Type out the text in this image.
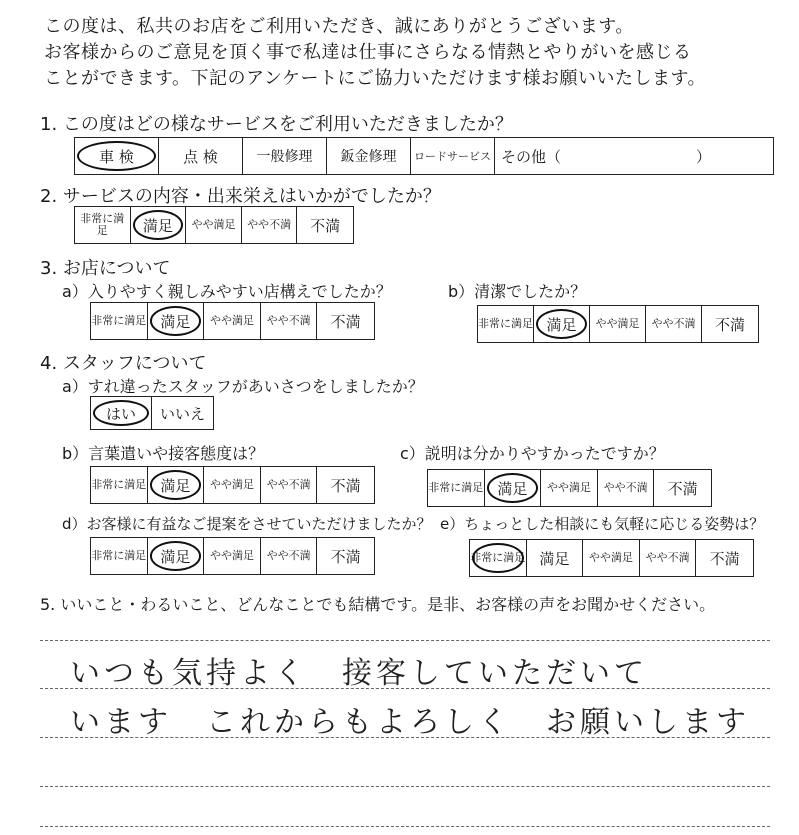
この度は、私共のお店をご利用いただき、誠にありがとうございます。
お客様からのご意見を頂く事で私達は仕事にさらなる情熱とやりがいを感じる
ことができます。下記のアンケートにご協力いただけます様お願いいたします。
1. この度はどの様なサービスをご利用いただきましたか？
車 検	点 検	一般修理	鈑金修理	ロードサービス その他（　　　　　　　　　）
2. サービスの内容・出来栄えはいかがでしたか？
非常に満足	満足	やや満足	やや不満	不満
3. お店について
a）入りやすく親しみやすい店構えでしたか？
非常に満足 満足	やや満足	やや不満	不満
b）清潔でしたか？
非常に満足 満足	やや満足	やや不満	不満
4. スタッフについて
a）すれ違ったスタッフがあいさつをしましたか？
はい	いいえ
b）言葉遣いや接客態度は？
非常に満足 満足	やや満足	やや不満	不満
c）説明は分かりやすかったですか？
非常に満足 満足	やや満足	やや不満	不満
d）お客様に有益なご提案をさせていただけましたか？
非常に満足 満足	やや満足	やや不満	不満
e）ちょっとした相談にも気軽に応じる姿勢は？
非常に満足 満足	やや満足	やや不満	不満
5. いいこと・わるいこと、どんなことでも結構です。是非、お客様の声をお聞かせください。
いつも気持よく　接客していただいて
います　これからもよろしく　お願いします
